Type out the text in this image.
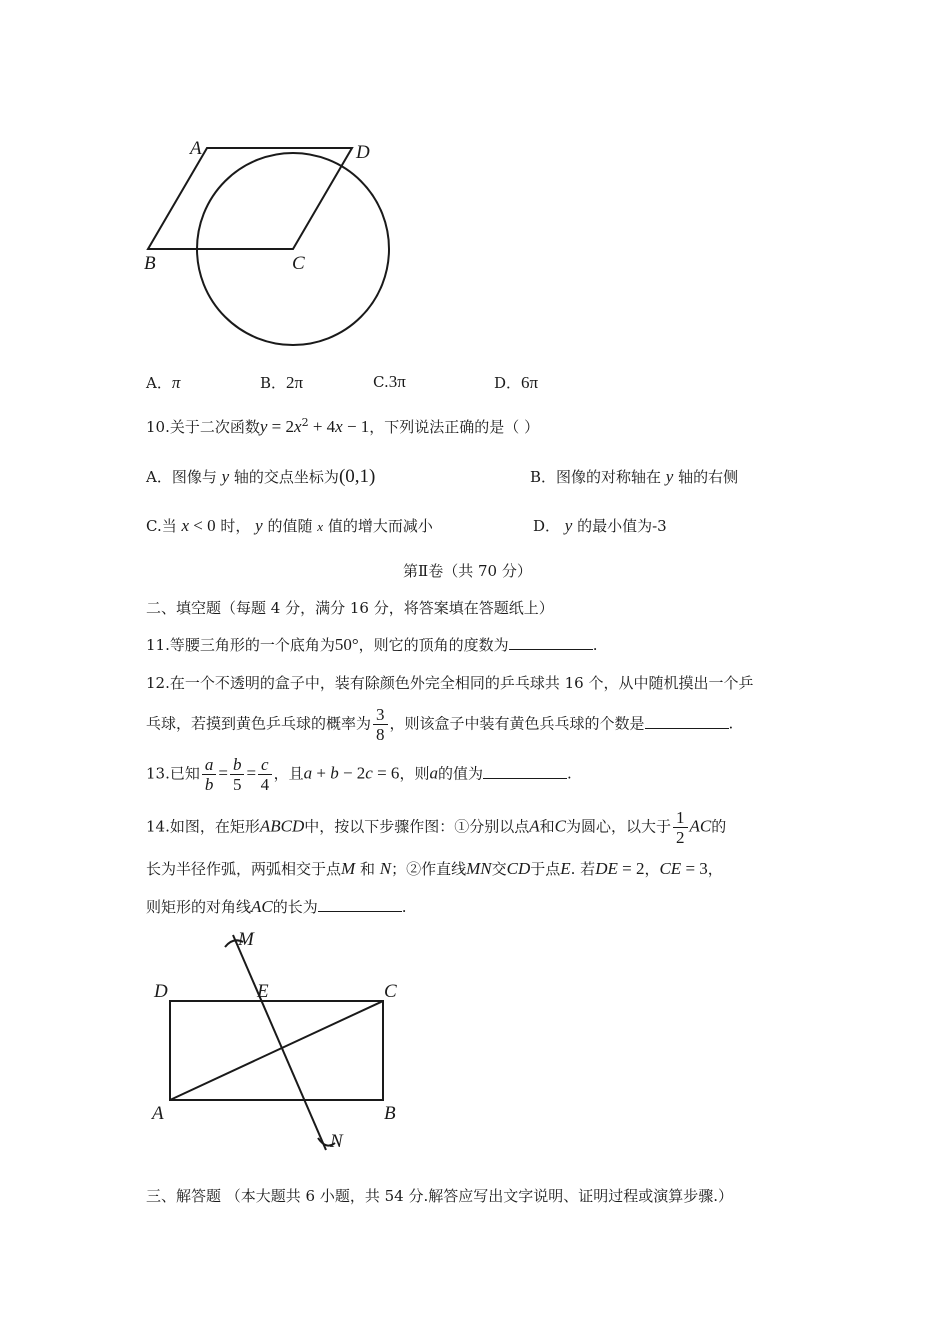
A	D
B	C
A．π	B．2π	C.3π	D．6π
10.关于二次函数$y = 2x^2 + 4x - 1$，下列说法正确的是（ ）
A．图像与 y 轴的交点坐标为(0,1)	B．图像的对称轴在 y 轴的右侧
C.当 x < 0 时， y 的值随 x 值的增大而减小	D． y 的最小值为-3
第Ⅱ卷（共 70 分）
二、填空题（每题 4 分，满分 16 分，将答案填在答题纸上）
11.等腰三角形的一个底角为50°，则它的顶角的度数为	.
12.在一个不透明的盒子中，装有除颜色外完全相同的乒乓球共 16 个，从中随机摸出一个乒
乓球，若摸到黄色乒乓球的概率为 $\frac{3}{8}$ ，则该盒子中装有黄色兵乓球的个数是	.
13.已知 $\frac{a}{b} = \frac{b}{5} = \frac{c}{4}$ ，且a + b − 2c = 6，则a的值为	.
14.如图，在矩形ABCD中，按以下步骤作图：①分别以点A和C为圆心，以大于 $\frac{1}{2}$ AC的
长为半径作弧，两弧相交于点M 和 N；②作直线MN交CD于点E. 若DE = 2，CE = 3，
则矩形的对角线AC的长为	.
M
D	E	C
A	B
N
三、解答题 （本大题共 6 小题，共 54 分.解答应写出文字说明、证明过程或演算步骤.）
